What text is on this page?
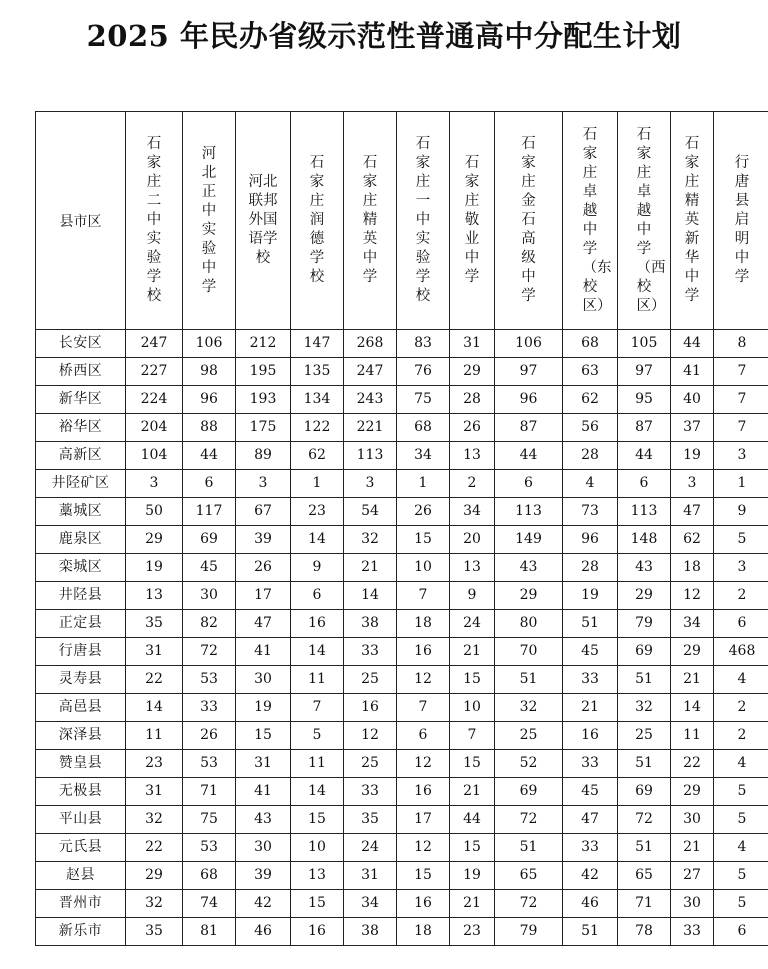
2025 年民办省级示范性普通高中分配生计划
县市区	石家庄二中实验学校	河北正中实验中学	河北联邦外国语学校	石家庄润德学校	石家庄精英中学	石家庄一中实验学校	石家庄敬业中学	石家庄金石高级中学	石家庄卓越中学（东校区）	石家庄卓越中学（西校区）	石家庄精英新华中学	行唐县启明中学

长安区	247	106	212	147	268	83	31	106	68	105	44	8
桥西区	227	98	195	135	247	76	29	97	63	97	41	7
新华区	224	96	193	134	243	75	28	96	62	95	40	7
裕华区	204	88	175	122	221	68	26	87	56	87	37	7
高新区	104	44	89	62	113	34	13	44	28	44	19	3
井陉矿区	3	6	3	1	3	1	2	6	4	6	3	1
藁城区	50	117	67	23	54	26	34	113	73	113	47	9
鹿泉区	29	69	39	14	32	15	20	149	96	148	62	5
栾城区	19	45	26	9	21	10	13	43	28	43	18	3
井陉县	13	30	17	6	14	7	9	29	19	29	12	2
正定县	35	82	47	16	38	18	24	80	51	79	34	6
行唐县	31	72	41	14	33	16	21	70	45	69	29	468
灵寿县	22	53	30	11	25	12	15	51	33	51	21	4
高邑县	14	33	19	7	16	7	10	32	21	32	14	2
深泽县	11	26	15	5	12	6	7	25	16	25	11	2
赞皇县	23	53	31	11	25	12	15	52	33	51	22	4
无极县	31	71	41	14	33	16	21	69	45	69	29	5
平山县	32	75	43	15	35	17	44	72	47	72	30	5
元氏县	22	53	30	10	24	12	15	51	33	51	21	4
赵县	29	68	39	13	31	15	19	65	42	65	27	5
晋州市	32	74	42	15	34	16	21	72	46	71	30	5
新乐市	35	81	46	16	38	18	23	79	51	78	33	6
